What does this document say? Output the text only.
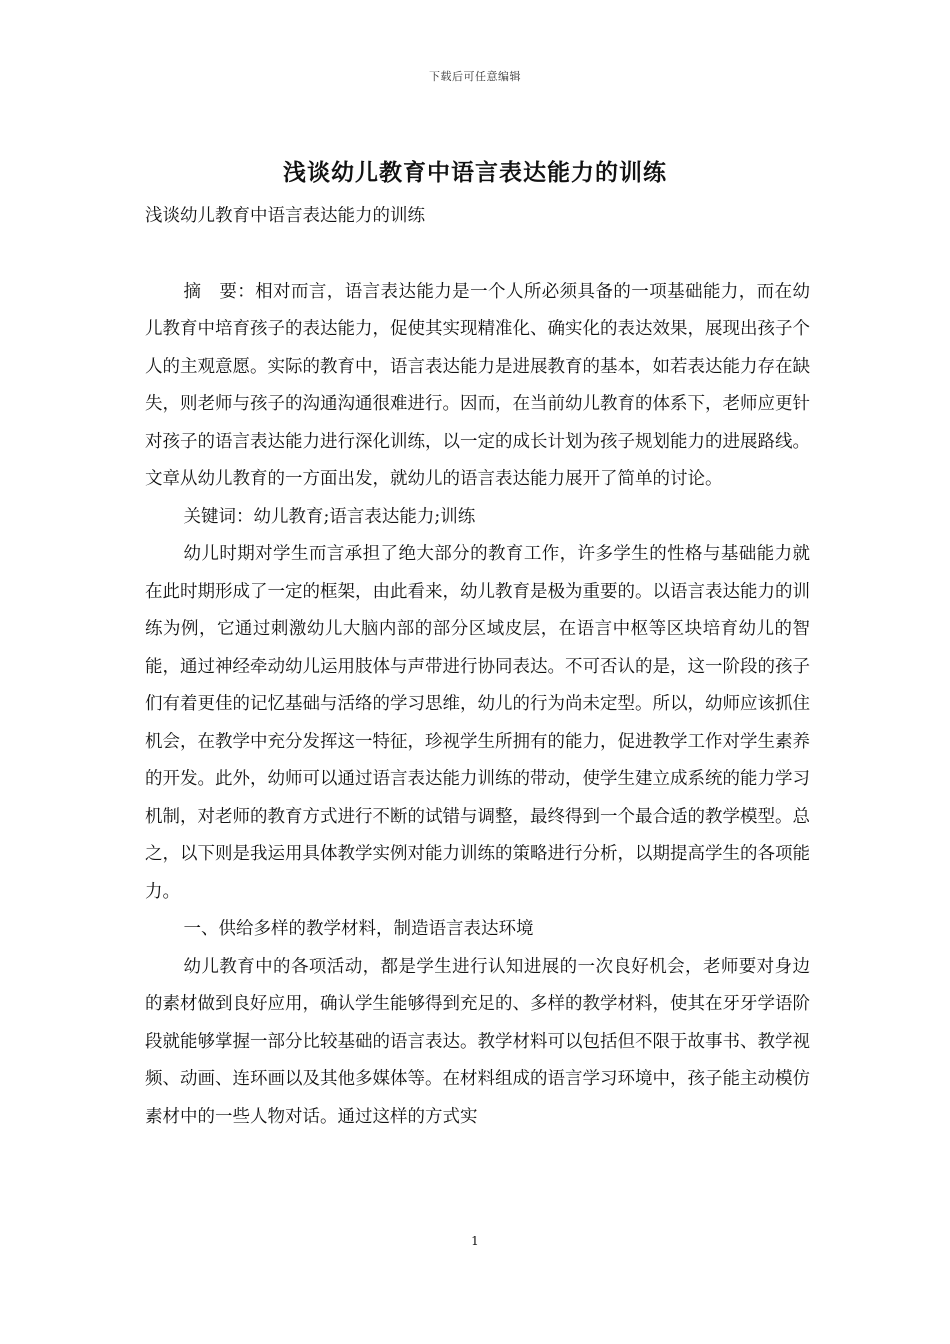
下载后可任意编辑
浅谈幼儿教育中语言表达能力的训练

浅谈幼儿教育中语言表达能力的训练

摘　要：相对而言，语言表达能力是一个人所必须具备的一项基础能力，而在幼儿教育中培育孩子的表达能力，促使其实现精准化、确实化的表达效果，展现出孩子个人的主观意愿。实际的教育中，语言表达能力是进展教育的基本，如若表达能力存在缺失，则老师与孩子的沟通沟通很难进行。因而，在当前幼儿教育的体系下，老师应更针对孩子的语言表达能力进行深化训练，以一定的成长计划为孩子规划能力的进展路线。文章从幼儿教育的一方面出发，就幼儿的语言表达能力展开了简单的讨论。

关键词：幼儿教育;语言表达能力;训练

幼儿时期对学生而言承担了绝大部分的教育工作，许多学生的性格与基础能力就在此时期形成了一定的框架，由此看来，幼儿教育是极为重要的。以语言表达能力的训练为例，它通过刺激幼儿大脑内部的部分区域皮层，在语言中枢等区块培育幼儿的智能，通过神经牵动幼儿运用肢体与声带进行协同表达。不可否认的是，这一阶段的孩子们有着更佳的记忆基础与活络的学习思维，幼儿的行为尚未定型。所以，幼师应该抓住机会，在教学中充分发挥这一特征，珍视学生所拥有的能力，促进教学工作对学生素养的开发。此外，幼师可以通过语言表达能力训练的带动，使学生建立成系统的能力学习机制，对老师的教育方式进行不断的试错与调整，最终得到一个最合适的教学模型。总之，以下则是我运用具体教学实例对能力训练的策略进行分析，以期提高学生的各项能力。

一、供给多样的教学材料，制造语言表达环境

幼儿教育中的各项活动，都是学生进行认知进展的一次良好机会，老师要对身边的素材做到良好应用，确认学生能够得到充足的、多样的教学材料，使其在牙牙学语阶段就能够掌握一部分比较基础的语言表达。教学材料可以包括但不限于故事书、教学视频、动画、连环画以及其他多媒体等。在材料组成的语言学习环境中，孩子能主动模仿素材中的一些人物对话。通过这样的方式实

1
